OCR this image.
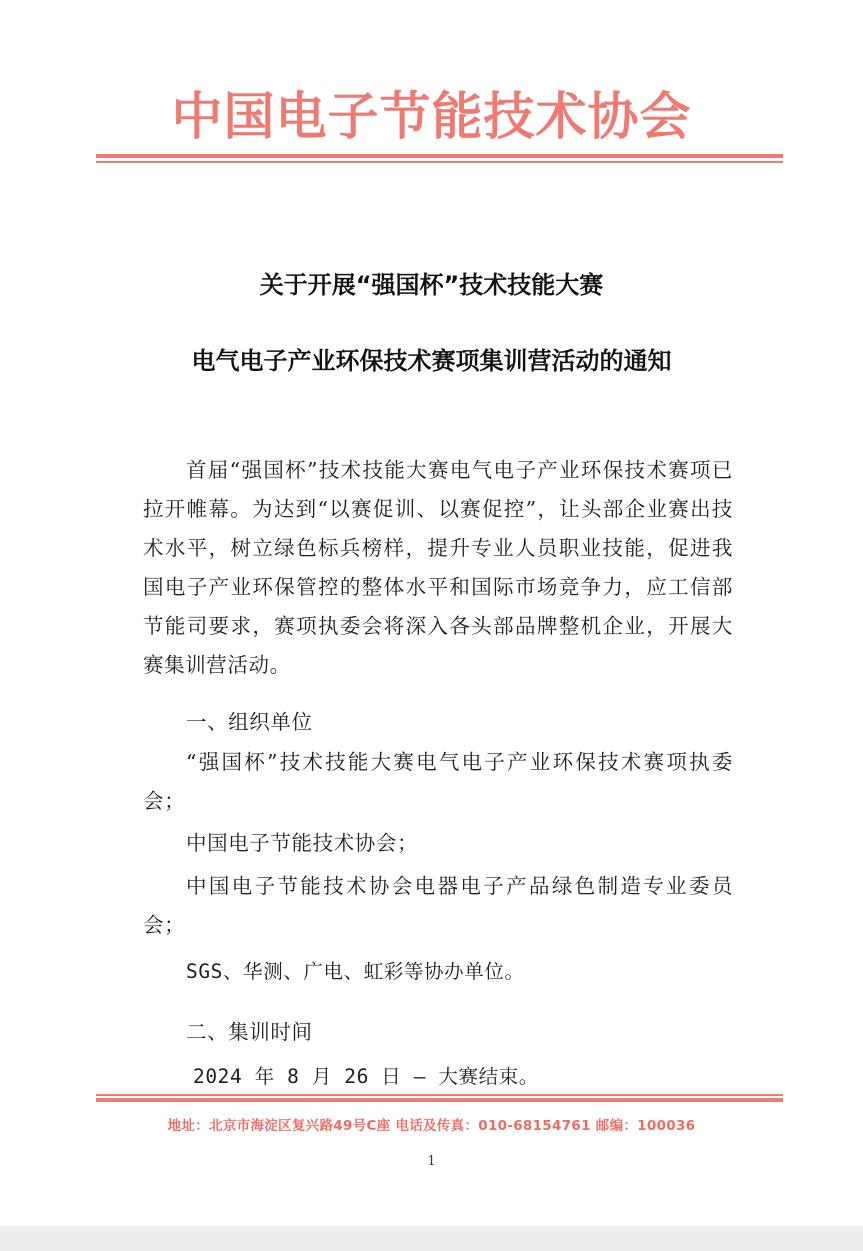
中国电子节能技术协会
关于开展“强国杯”技术技能大赛
电气电子产业环保技术赛项集训营活动的通知
首届“强国杯”技术技能大赛电气电子产业环保技术赛项已拉开帷幕。为达到“以赛促训、以赛促控”，让头部企业赛出技术水平，树立绿色标兵榜样，提升专业人员职业技能，促进我国电子产业环保管控的整体水平和国际市场竞争力，应工信部节能司要求，赛项执委会将深入各头部品牌整机企业，开展大赛集训营活动。
一、组织单位
“强国杯”技术技能大赛电气电子产业环保技术赛项执委会；
中国电子节能技术协会；
中国电子节能技术协会电器电子产品绿色制造专业委员会；
SGS、华测、广电、虹彩等协办单位。
二、集训时间
2024 年 8 月 26 日 – 大赛结束。
地址：北京市海淀区复兴路49号C座 电话及传真：010-68154761 邮编：100036
1
